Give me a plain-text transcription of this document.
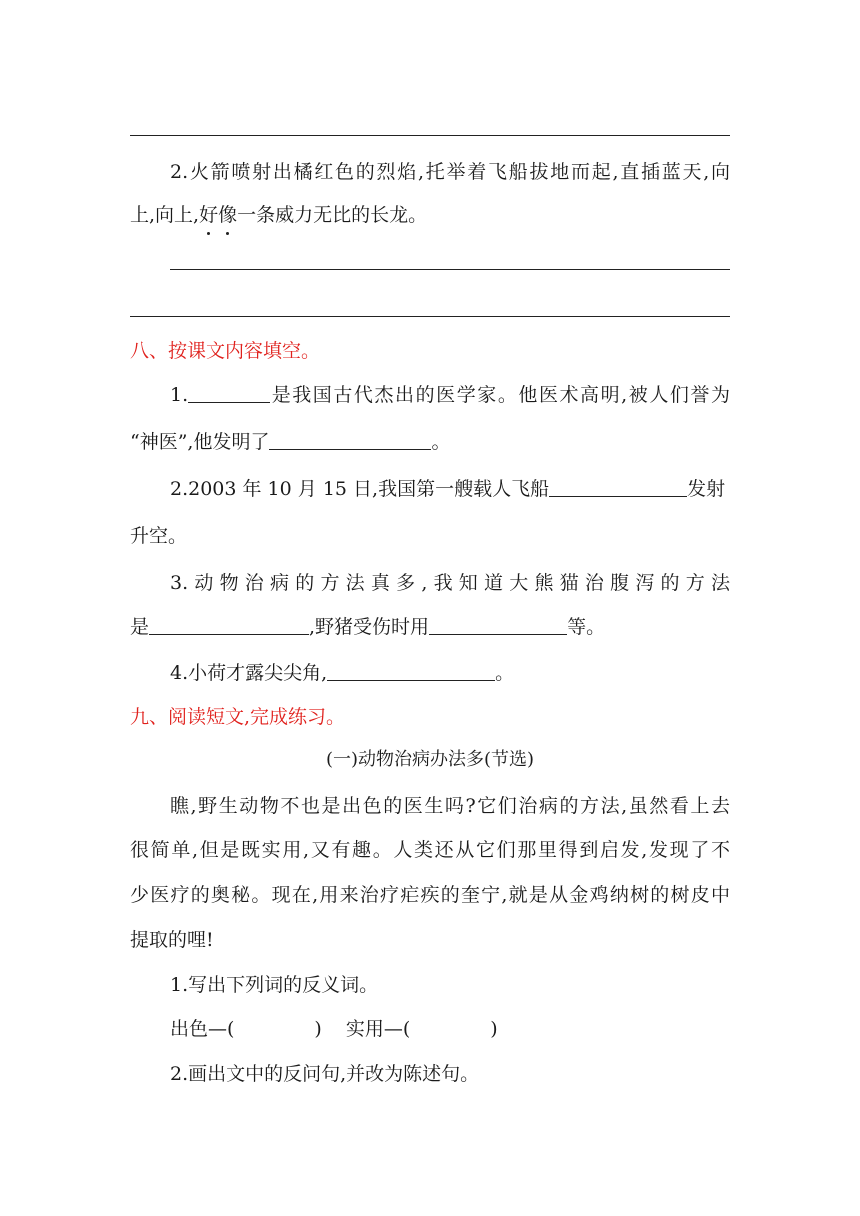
2.火箭喷射出橘红色的烈焰,托举着飞船拔地而起,直插蓝天,向
上,向上,好像一条威力无比的长龙。
八、按课文内容填空。
1.	是我国古代杰出的医学家。他医术高明,被人们誉为
“神医”,他发明了	。
2.2003 年 10 月 15 日,我国第一艘载人飞船	发射
升空。
3.动物治病的方法真多,我知道大熊猫治腹泻的方法
是	,野猪受伤时用	等。
4.小荷才露尖尖角,	。
九、阅读短文,完成练习。
(一)动物治病办法多(节选)
瞧,野生动物不也是出色的医生吗?它们治病的方法,虽然看上去
很简单,但是既实用,又有趣。人类还从它们那里得到启发,发现了不
少医疗的奥秘。现在,用来治疗疟疾的奎宁,就是从金鸡纳树的树皮中
提取的哩!
1.写出下列词的反义词。
出色—(	) 实用—(	)
2.画出文中的反问句,并改为陈述句。
